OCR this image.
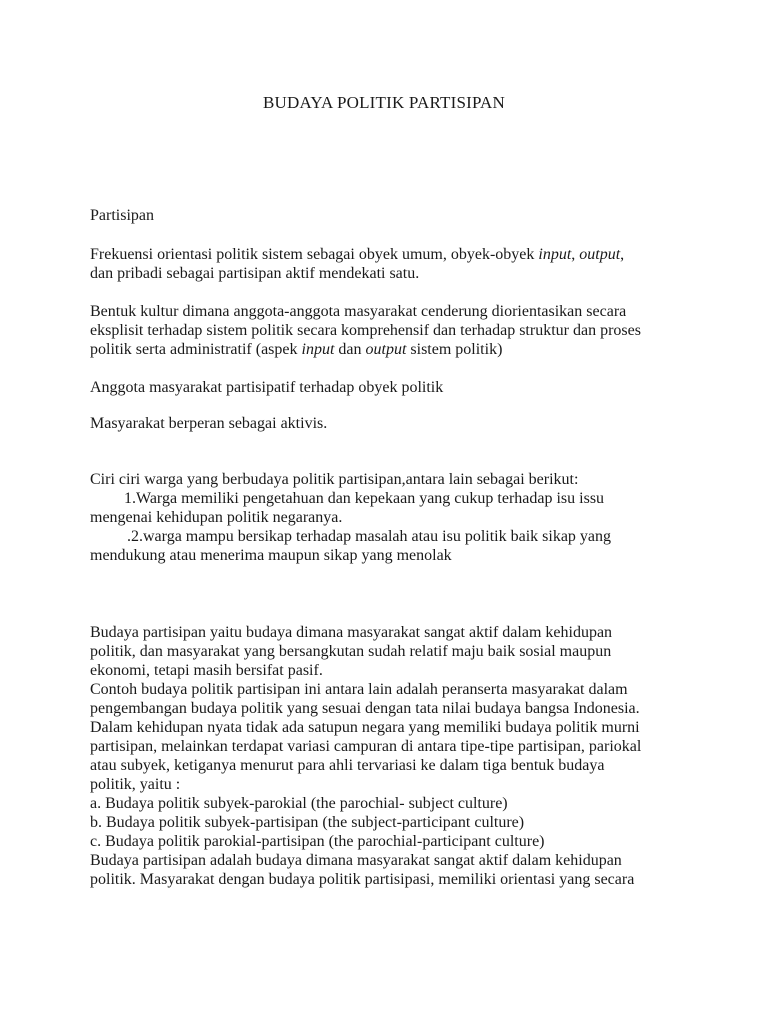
BUDAYA POLITIK PARTISIPAN
Partisipan
Frekuensi orientasi politik sistem sebagai obyek umum, obyek-obyek input, output,
dan pribadi sebagai partisipan aktif mendekati satu.
Bentuk kultur dimana anggota-anggota masyarakat cenderung diorientasikan secara
eksplisit terhadap sistem politik secara komprehensif dan terhadap struktur dan proses
politik serta administratif (aspek input dan output sistem politik)
Anggota masyarakat partisipatif terhadap obyek politik
Masyarakat berperan sebagai aktivis.
Ciri ciri warga yang berbudaya politik partisipan,antara lain sebagai berikut:
1.Warga memiliki pengetahuan dan kepekaan yang cukup terhadap isu issu
mengenai kehidupan politik negaranya.
.2.warga mampu bersikap terhadap masalah atau isu politik baik sikap yang
mendukung atau menerima maupun sikap yang menolak
Budaya partisipan yaitu budaya dimana masyarakat sangat aktif dalam kehidupan
politik, dan masyarakat yang bersangkutan sudah relatif maju baik sosial maupun
ekonomi, tetapi masih bersifat pasif.
Contoh budaya politik partisipan ini antara lain adalah peranserta masyarakat dalam
pengembangan budaya politik yang sesuai dengan tata nilai budaya bangsa Indonesia.
Dalam kehidupan nyata tidak ada satupun negara yang memiliki budaya politik murni
partisipan, melainkan terdapat variasi campuran di antara tipe-tipe partisipan, pariokal
atau subyek, ketiganya menurut para ahli tervariasi ke dalam tiga bentuk budaya
politik, yaitu :
a. Budaya politik subyek-parokial (the parochial- subject culture)
b. Budaya politik subyek-partisipan (the subject-participant culture)
c. Budaya politik parokial-partisipan (the parochial-participant culture)
Budaya partisipan adalah budaya dimana masyarakat sangat aktif dalam kehidupan
politik. Masyarakat dengan budaya politik partisipasi, memiliki orientasi yang secara
